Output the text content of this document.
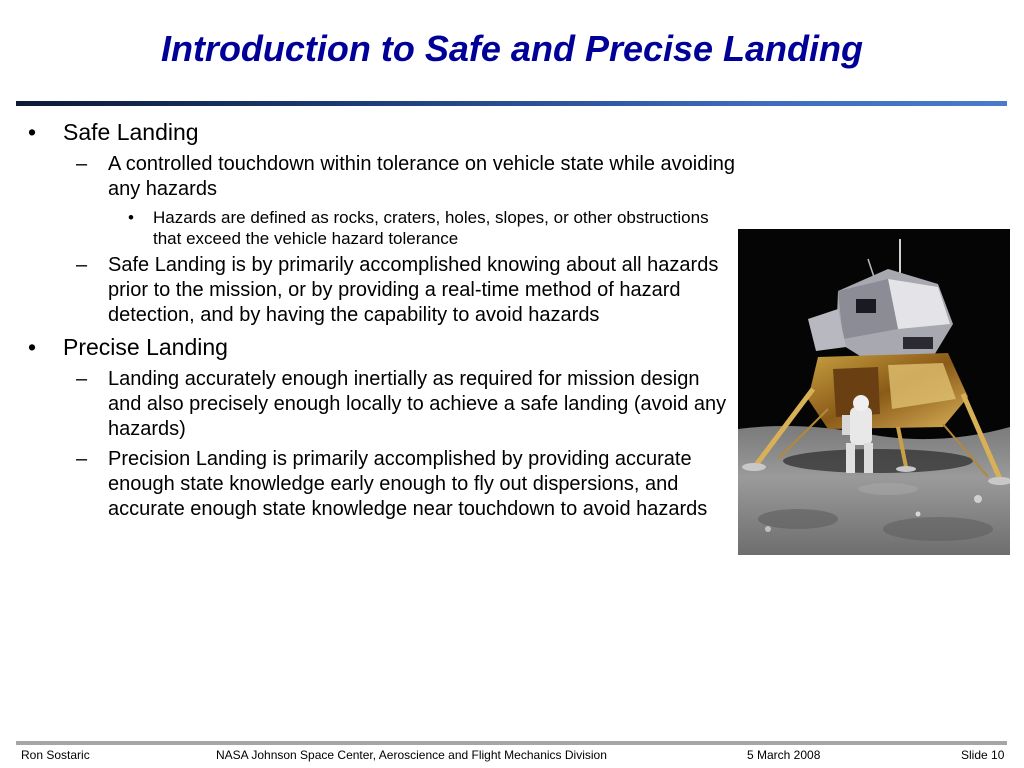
Introduction to Safe and Precise Landing
• Safe Landing
– A controlled touchdown within tolerance on vehicle state while avoiding any hazards
• Hazards are defined as rocks, craters, holes, slopes, or other obstructions that exceed the vehicle hazard tolerance
– Safe Landing is by primarily accomplished knowing about all hazards prior to the mission, or by providing a real-time method of hazard detection, and by having the capability to avoid hazards
• Precise Landing
– Landing accurately enough inertially as required for mission design and also precisely enough locally to achieve a safe landing (avoid any hazards)
– Precision Landing is primarily accomplished by providing accurate enough state knowledge early enough to fly out dispersions, and accurate enough state knowledge near touchdown to avoid hazards
Ron Sostaric	NASA Johnson Space Center, Aeroscience and Flight Mechanics Division	5 March 2008	Slide 10
